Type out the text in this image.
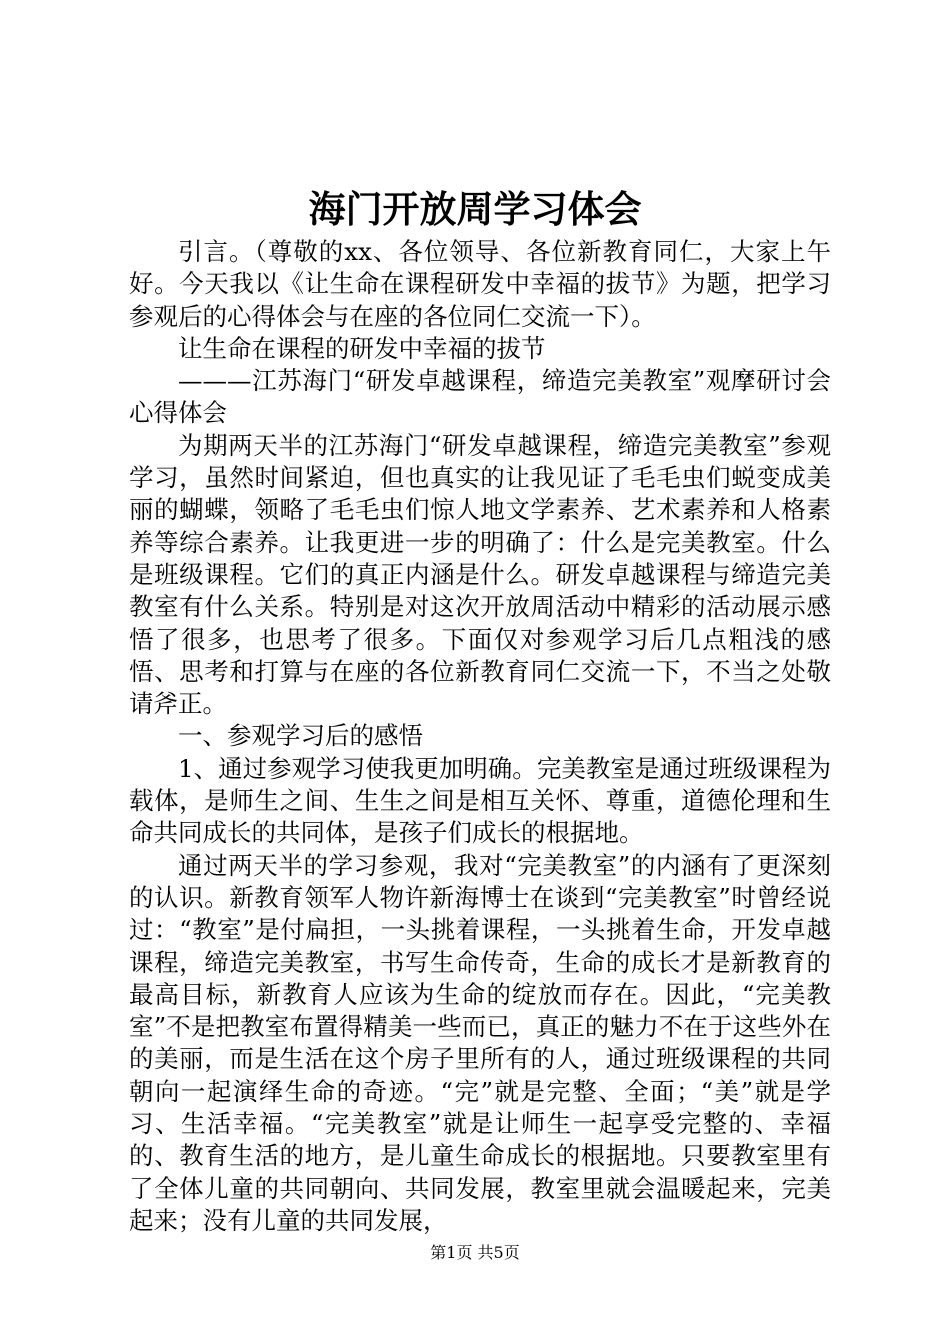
海门开放周学习体会

引言。（尊敬的xx、各位领导、各位新教育同仁，大家上午好。今天我以《让生命在课程研发中幸福的拔节》为题，把学习参观后的心得体会与在座的各位同仁交流一下）。

让生命在课程的研发中幸福的拔节

———江苏海门“研发卓越课程，缔造完美教室”观摩研讨会心得体会

为期两天半的江苏海门“研发卓越课程，缔造完美教室”参观学习，虽然时间紧迫，但也真实的让我见证了毛毛虫们蜕变成美丽的蝴蝶，领略了毛毛虫们惊人地文学素养、艺术素养和人格素养等综合素养。让我更进一步的明确了：什么是完美教室。什么是班级课程。它们的真正内涵是什么。研发卓越课程与缔造完美教室有什么关系。特别是对这次开放周活动中精彩的活动展示感悟了很多，也思考了很多。下面仅对参观学习后几点粗浅的感悟、思考和打算与在座的各位新教育同仁交流一下，不当之处敬请斧正。

一、参观学习后的感悟

1、通过参观学习使我更加明确。完美教室是通过班级课程为载体，是师生之间、生生之间是相互关怀、尊重，道德伦理和生命共同成长的共同体，是孩子们成长的根据地。

通过两天半的学习参观，我对“完美教室”的内涵有了更深刻的认识。新教育领军人物许新海博士在谈到“完美教室”时曾经说过：“教室”是付扁担，一头挑着课程，一头挑着生命，开发卓越课程，缔造完美教室，书写生命传奇，生命的成长才是新教育的最高目标，新教育人应该为生命的绽放而存在。因此，“完美教室”不是把教室布置得精美一些而已，真正的魅力不在于这些外在的美丽，而是生活在这个房子里所有的人，通过班级课程的共同朝向一起演绎生命的奇迹。“完”就是完整、全面；“美”就是学习、生活幸福。“完美教室”就是让师生一起享受完整的、幸福的、教育生活的地方，是儿童生命成长的根据地。只要教室里有了全体儿童的共同朝向、共同发展，教室里就会温暖起来，完美起来；没有儿童的共同发展，

第1页 共5页
